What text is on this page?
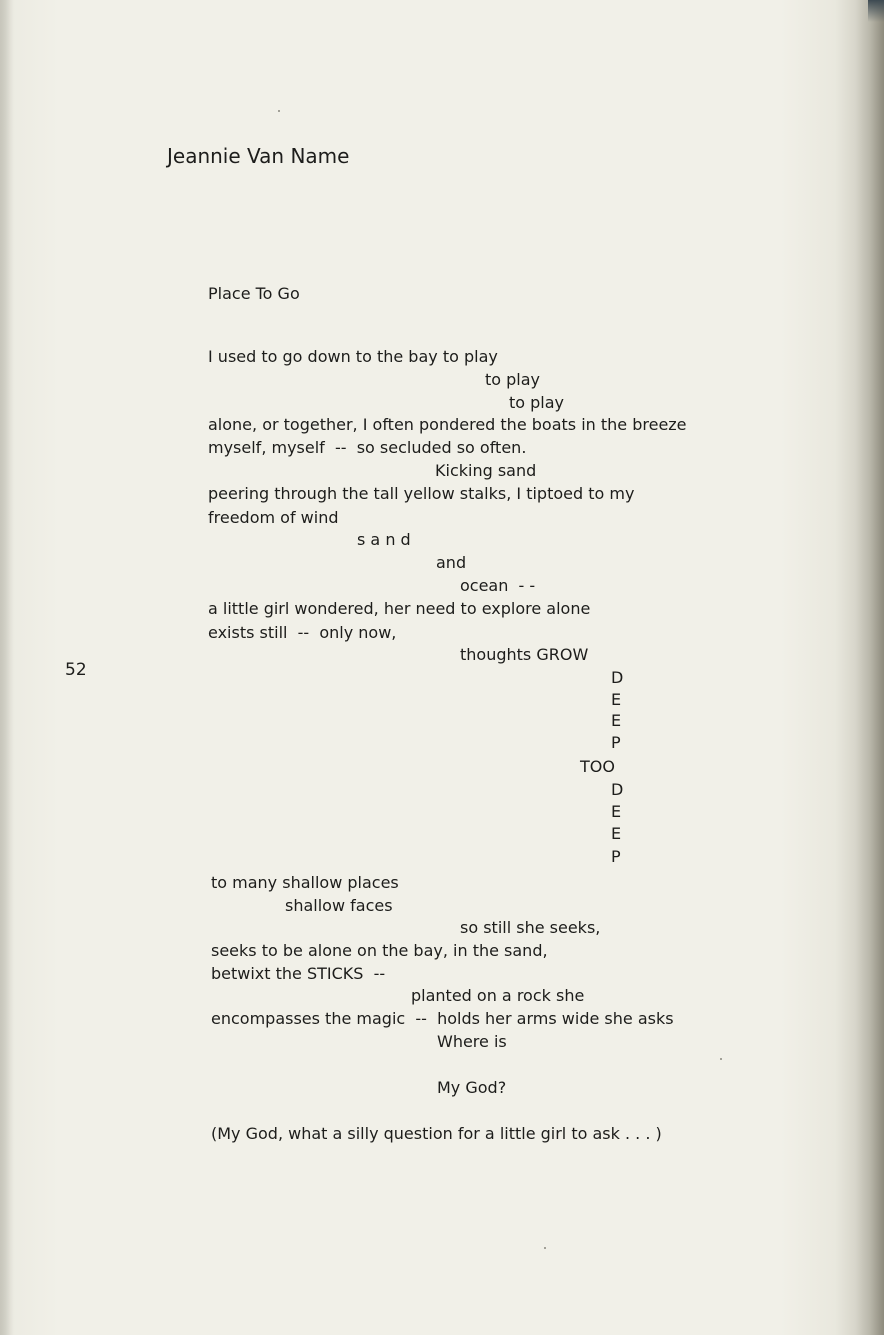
Jeannie Van Name
Place To Go
52
I used to go down to the bay to play
to play
to play
alone, or together, I often pondered the boats in the breeze
myself, myself  --  so secluded so often.
Kicking sand
peering through the tall yellow stalks, I tiptoed to my
freedom of wind
s a n d
and
ocean  - -
a little girl wondered, her need to explore alone
exists still  --  only now,
thoughts GROW
D
E
E
P
TOO
D
E
E
P
to many shallow places
shallow faces
so still she seeks,
seeks to be alone on the bay, in the sand,
betwixt the STICKS  --
planted on a rock she
encompasses the magic  --  holds her arms wide she asks
Where is
My God?
(My God, what a silly question for a little girl to ask . . . )
